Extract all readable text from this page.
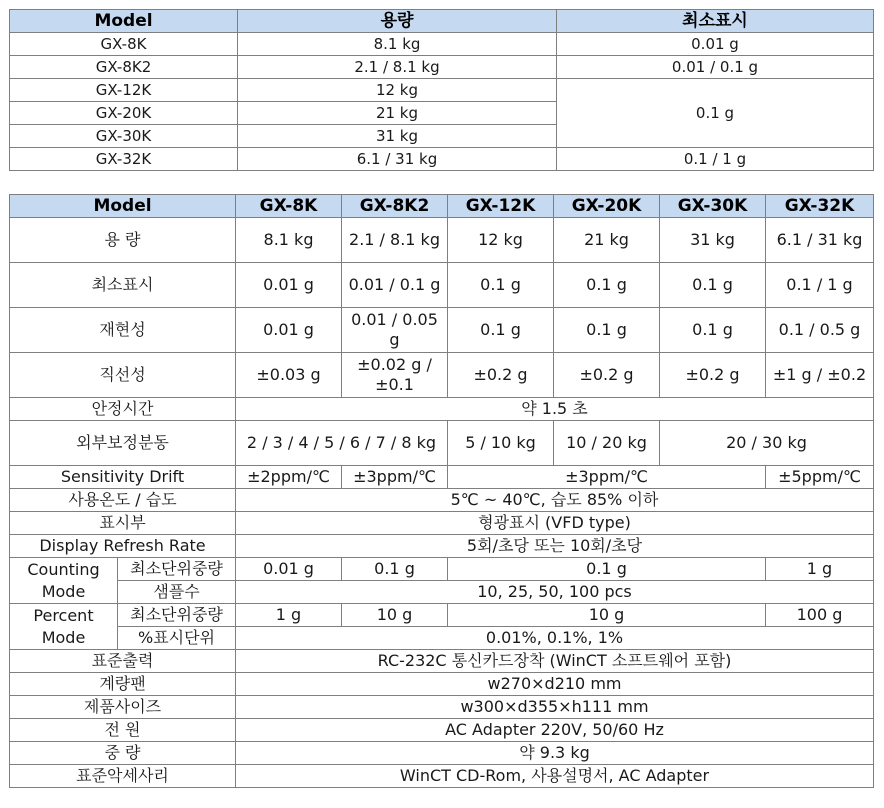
Model	용량	최소표시
GX-8K	8.1 kg	0.01 g
GX-8K2	2.1 / 8.1 kg	0.01 / 0.1 g
GX-12K	12 kg	0.1 g
GX-20K	21 kg	
GX-30K	31 kg	
GX-32K	6.1 / 31 kg	0.1 / 1 g
Model		GX-8K	GX-8K2	GX-12K	GX-20K	GX-30K	GX-32K
용 량		8.1 kg	2.1 / 8.1 kg	12 kg	21 kg	31 kg	6.1 / 31 kg
최소표시		0.01 g	0.01 / 0.1 g	0.1 g	0.1 g	0.1 g	0.1 / 1 g
재현성		0.01 g	0.01 / 0.05 g	0.1 g	0.1 g	0.1 g	0.1 / 0.5 g
직선성		±0.03 g	±0.02 g / ±0.1	±0.2 g	±0.2 g	±0.2 g	±1 g / ±0.2
안정시간		약 1.5 초					
외부보정분동		2 / 3 / 4 / 5 / 6 / 7 / 8 kg		5 / 10 kg	10 / 20 kg	20 / 30 kg	
Sensitivity Drift		±2ppm/℃	±3ppm/℃	±3ppm/℃			±5ppm/℃
사용온도 / 습도		5℃ ~ 40℃, 습도 85% 이하					
표시부		형광표시 (VFD type)					
Display Refresh Rate		5회/초당 또는 10회/초당					
Counting Mode	최소단위중량	0.01 g	0.1 g	0.1 g			1 g
	샘플수	10, 25, 50, 100 pcs					
Percent Mode	최소단위중량	1 g	10 g	10 g			100 g
	%표시단위	0.01%, 0.1%, 1%					
표준출력		RC-232C 통신카드장착 (WinCT 소프트웨어 포함)					
계량팬		w270×d210 mm					
제품사이즈		w300×d355×h111 mm					
전 원		AC Adapter 220V, 50/60 Hz					
중 량		약 9.3 kg					
표준악세사리		WinCT CD-Rom, 사용설명서, AC Adapter					
